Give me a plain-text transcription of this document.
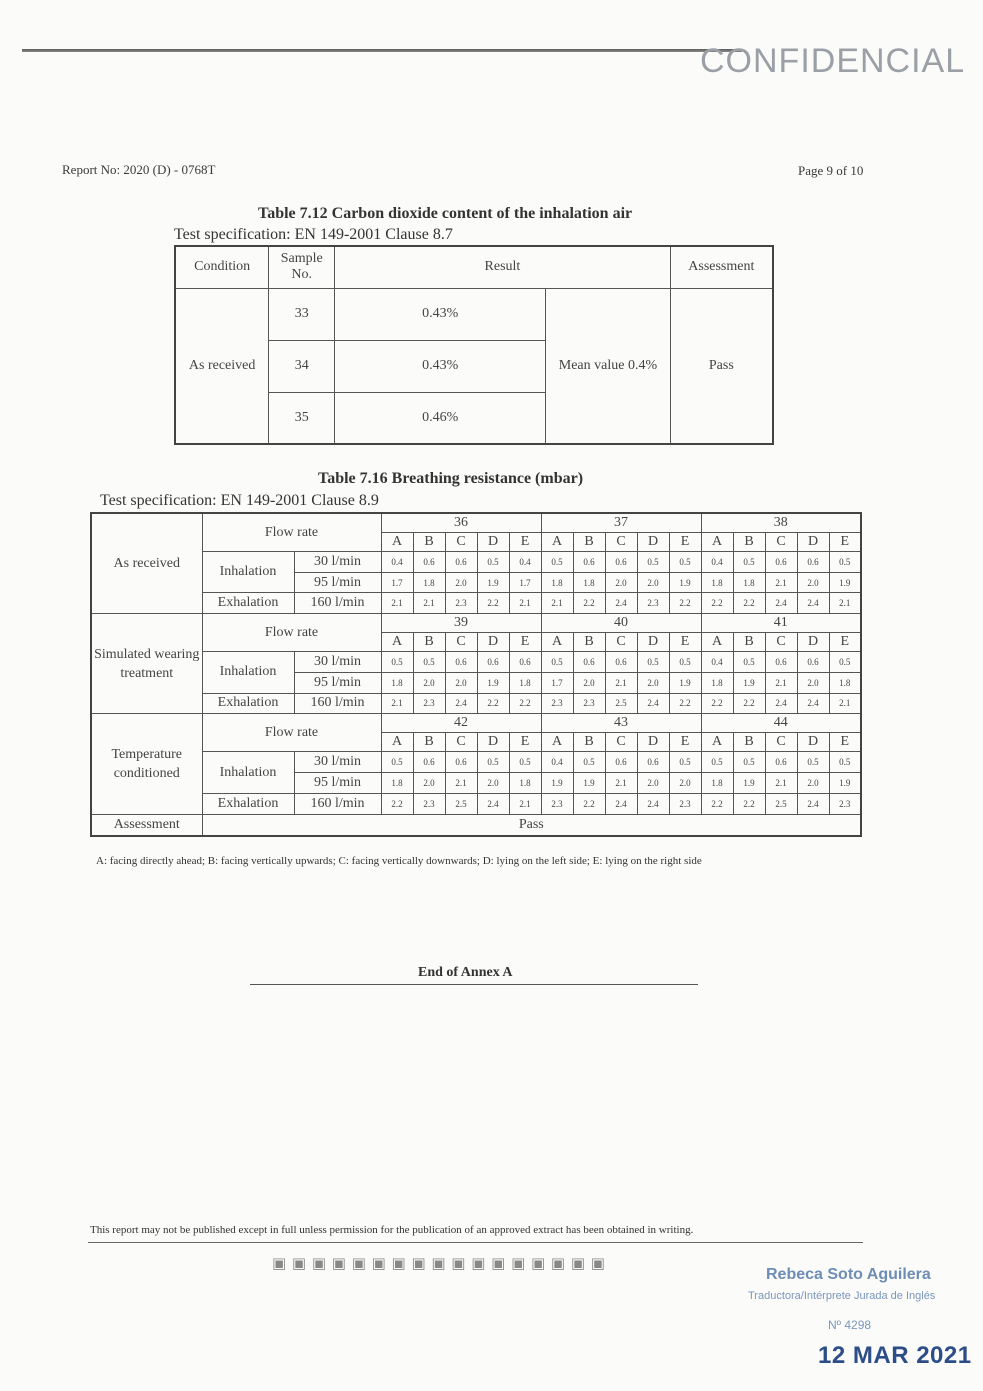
CONFIDENCIAL
Report No: 2020 (D) - 0768T	Page 9 of 10
Table 7.12 Carbon dioxide content of the inhalation air
Test specification: EN 149-2001 Clause 8.7
Condition	Sample No.	Result		Assessment
As received	33	0.43%	Mean value 0.4%	Pass
	34	0.43%		
	35	0.46%		
Table 7.16 Breathing resistance (mbar)
Test specification: EN 149-2001 Clause 8.9
As received	Flow rate		36					37					38				
			A	B	C	D	E	A	B	C	D	E	A	B	C	D	E
	Inhalation	30 l/min	0.4	0.6	0.6	0.5	0.4	0.5	0.6	0.6	0.5	0.5	0.4	0.5	0.6	0.6	0.5
		95 l/min	1.7	1.8	2.0	1.9	1.7	1.8	1.8	2.0	2.0	1.9	1.8	1.8	2.1	2.0	1.9
	Exhalation	160 l/min	2.1	2.1	2.3	2.2	2.1	2.1	2.2	2.4	2.3	2.2	2.2	2.2	2.4	2.4	2.1
Simulated wearing treatment	Flow rate		39					40					41				
			A	B	C	D	E	A	B	C	D	E	A	B	C	D	E
	Inhalation	30 l/min	0.5	0.5	0.6	0.6	0.6	0.5	0.6	0.6	0.5	0.5	0.4	0.5	0.6	0.6	0.5
		95 l/min	1.8	2.0	2.0	1.9	1.8	1.7	2.0	2.1	2.0	1.9	1.8	1.9	2.1	2.0	1.8
	Exhalation	160 l/min	2.1	2.3	2.4	2.2	2.2	2.3	2.3	2.5	2.4	2.2	2.2	2.2	2.4	2.4	2.1
Temperature conditioned	Flow rate		42					43					44				
			A	B	C	D	E	A	B	C	D	E	A	B	C	D	E
	Inhalation	30 l/min	0.5	0.6	0.6	0.5	0.5	0.4	0.5	0.6	0.6	0.5	0.5	0.5	0.6	0.5	0.5
		95 l/min	1.8	2.0	2.1	2.0	1.8	1.9	1.9	2.1	2.0	2.0	1.8	1.9	2.1	2.0	1.9
	Exhalation	160 l/min	2.2	2.3	2.5	2.4	2.1	2.3	2.2	2.4	2.4	2.3	2.2	2.2	2.5	2.4	2.3
Assessment	Pass																
A: facing directly ahead; B: facing vertically upwards; C: facing vertically downwards; D: lying on the left side; E: lying on the right side
End of Annex A
This report may not be published except in full unless permission for the publication of an approved extract has been obtained in writing.
▣ ▣ ▣ ▣ ▣ ▣ ▣ ▣ ▣ ▣ ▣ ▣ ▣ ▣ ▣ ▣ ▣
Rebeca Soto Aguilera
Traductora/Intérprete Jurada de Inglés
Nº 4298
12 MAR 2021
